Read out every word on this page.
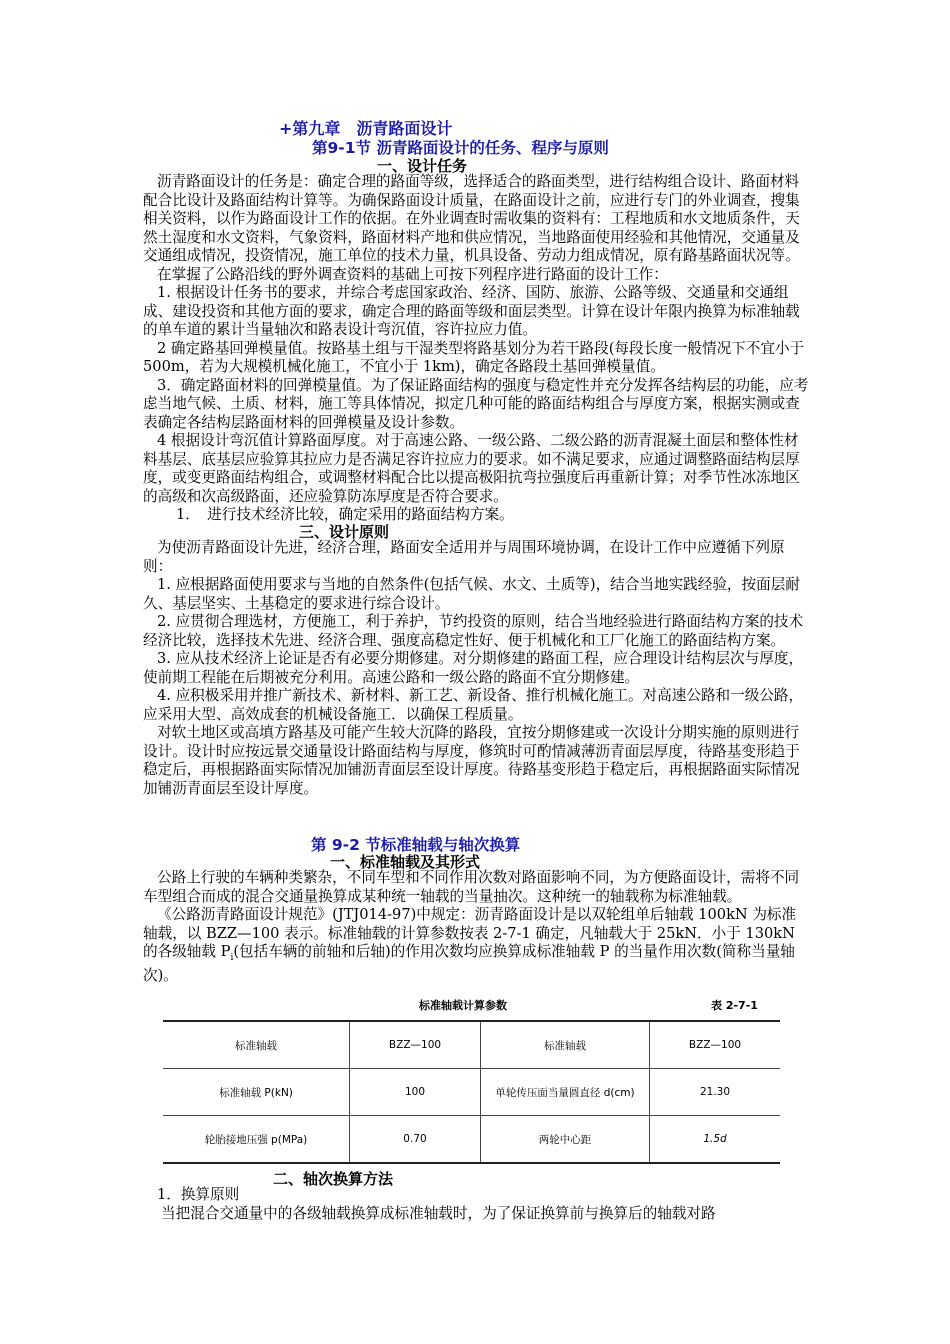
+第九章　沥青路面设计
第9-1节 沥青路面设计的任务、程序与原则
一、设计任务

沥青路面设计的任务是：确定合理的路面等级，选择适合的路面类型，进行结构组合设计、路面材料配合比设计及路面结构计算等。为确保路面设计质量，在路面设计之前，应进行专门的外业调查，搜集相关资料，以作为路面设计工作的依据。在外业调查时需收集的资料有：工程地质和水文地质条件，天然土湿度和水文资料，气象资料，路面材料产地和供应情况，当地路面使用经验和其他情况，交通量及交通组成情况，投资情况，施工单位的技术力量，机具设备、劳动力组成情况，原有路基路面状况等。

在掌握了公路沿线的野外调查资料的基础上可按下列程序进行路面的设计工作：

1. 根据设计任务书的要求，并综合考虑国家政治、经济、国防、旅游、公路等级、交通量和交通组成、建设投资和其他方面的要求，确定合理的路面等级和面层类型。计算在设计年限内换算为标准轴载的单车道的累计当量轴次和路表设计弯沉值，容许拉应力值。

2 确定路基回弹模量值。按路基土组与干湿类型将路基划分为若干路段(每段长度一般情况下不宜小于 500m，若为大规模机械化施工，不宜小于 1km)，确定各路段土基回弹模量值。

3．确定路面材料的回弹模量值。为了保证路面结构的强度与稳定性并充分发挥各结构层的功能，应考虑当地气候、土质、材料，施工等具体情况，拟定几种可能的路面结构组合与厚度方案，根据实测或查表确定各结构层路面材料的回弹模量及设计参数。

4 根据设计弯沉值计算路面厚度。对于高速公路、一级公路、二级公路的沥青混凝土面层和整体性材料基层、底基层应验算其拉应力是否满足容许拉应力的要求。如不满足要求，应通过调整路面结构层厚度，或变更路面结构组合，或调整材料配合比以提高极阳抗弯拉强度后再重新计算；对季节性冰冻地区的高级和次高级路面，还应验算防冻厚度是否符合要求。

1．　进行技术经济比较，确定采用的路面结构方案。

三、设计原则

为使沥青路面设计先进，经济合理，路面安全适用并与周围环境协调，在设计工作中应遵循下列原则：

1. 应根据路面使用要求与当地的自然条件(包括气候、水文、土质等)，结合当地实践经验，按面层耐久、基层坚实、土基稳定的要求进行综合设计。

2. 应贯彻合理选材，方便施工，利于养护，节约投资的原则，结合当地经验进行路面结构方案的技术经济比较，选择技术先进、经济合理、强度高稳定性好、便于机械化和工厂化施工的路面结构方案。

3. 应从技术经济上论证是否有必要分期修建。对分期修建的路面工程，应合理设计结构层次与厚度，使前期工程能在后期被充分利用。高速公路和一级公路的路面不宜分期修建。

4. 应积极采用并推广新技术、新材料、新工艺、新设备、推行机械化施工。对高速公路和一级公路，应采用大型、高效成套的机械设备施工．以确保工程质量。

对软土地区或高填方路基及可能产生较大沉降的路段，宜按分期修建或一次设计分期实施的原则进行设计。设计时应按远景交通量设计路面结构与厚度，修筑时可酌情减薄沥青面层厚度，待路基变形趋于稳定后，再根据路面实际情况加铺沥青面层至设计厚度。待路基变形趋于稳定后，再根据路面实际情况加铺沥青面层至设计厚度。

第 9-2 节标准轴载与轴次换算
一、标准轴载及其形式

公路上行驶的车辆种类繁杂，不同车型和不同作用次数对路面影响不同，为方便路面设计，需将不同车型组合而成的混合交通量换算成某种统一轴载的当量抽次。这种统一的轴载称为标准轴载。

《公路沥青路面设计规范》(JTJ014-97)中规定：沥青路面设计是以双轮组单后轴载 100kN 为标准轴载，以 BZZ—100 表示。标准轴载的计算参数按表 2-7-1 确定，凡轴载大于 25kN．小于 130kN 的各级轴载 $P_i$(包括车辆的前轴和后轴)的作用次数均应换算成标准轴载 P 的当量作用次数(简称当量轴次)。

标准轴载计算参数	表 2-7-1
标准轴载	BZZ—100	标准轴载	BZZ—100
标准轴载 P(kN)	100	单轮传压面当量圆直径 d(cm)	21.30
轮胎接地压强 p(MPa)	0.70	两轮中心距	1.5d
二、轴次换算方法

1．换算原则

当把混合交通量中的各级轴载换算成标准轴载时，为了保证换算前与换算后的轴载对路
